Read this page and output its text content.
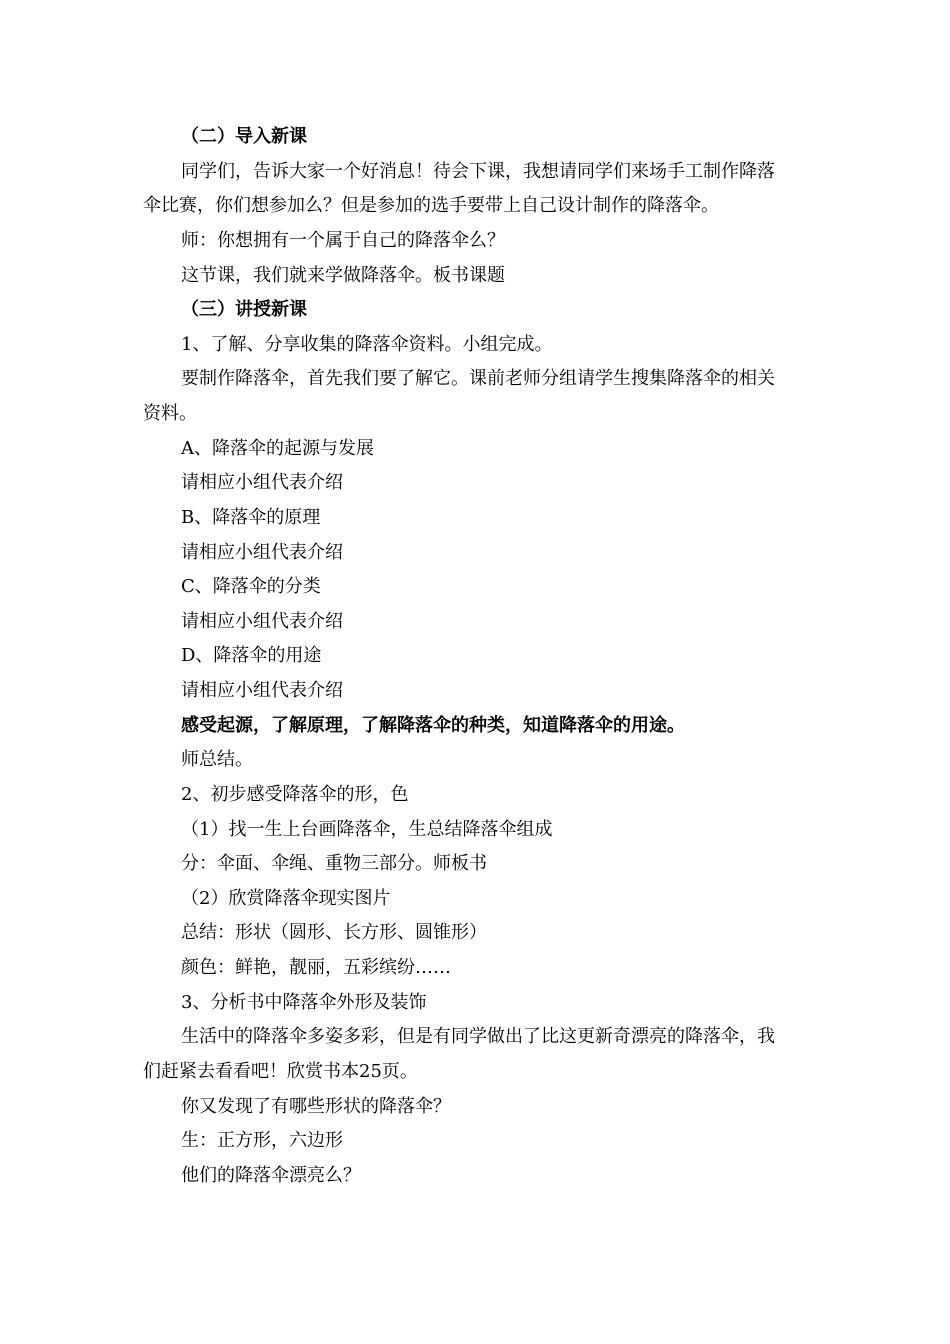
（二）导入新课
同学们，告诉大家一个好消息！待会下课，我想请同学们来场手工制作降落
伞比赛，你们想参加么？但是参加的选手要带上自己设计制作的降落伞。
师：你想拥有一个属于自己的降落伞么？
这节课，我们就来学做降落伞。板书课题
（三）讲授新课
1、了解、分享收集的降落伞资料。小组完成。
要制作降落伞，首先我们要了解它。课前老师分组请学生搜集降落伞的相关
资料。
A、降落伞的起源与发展
请相应小组代表介绍
B、降落伞的原理
请相应小组代表介绍
C、降落伞的分类
请相应小组代表介绍
D、降落伞的用途
请相应小组代表介绍
感受起源，了解原理，了解降落伞的种类，知道降落伞的用途。
师总结。
2、初步感受降落伞的形，色
（1）找一生上台画降落伞，生总结降落伞组成
分：伞面、伞绳、重物三部分。师板书
（2）欣赏降落伞现实图片
总结：形状（圆形、长方形、圆锥形）
颜色：鲜艳，靓丽，五彩缤纷……
3、分析书中降落伞外形及装饰
生活中的降落伞多姿多彩，但是有同学做出了比这更新奇漂亮的降落伞，我
们赶紧去看看吧！欣赏书本25页。
你又发现了有哪些形状的降落伞？
生：正方形，六边形
他们的降落伞漂亮么？
